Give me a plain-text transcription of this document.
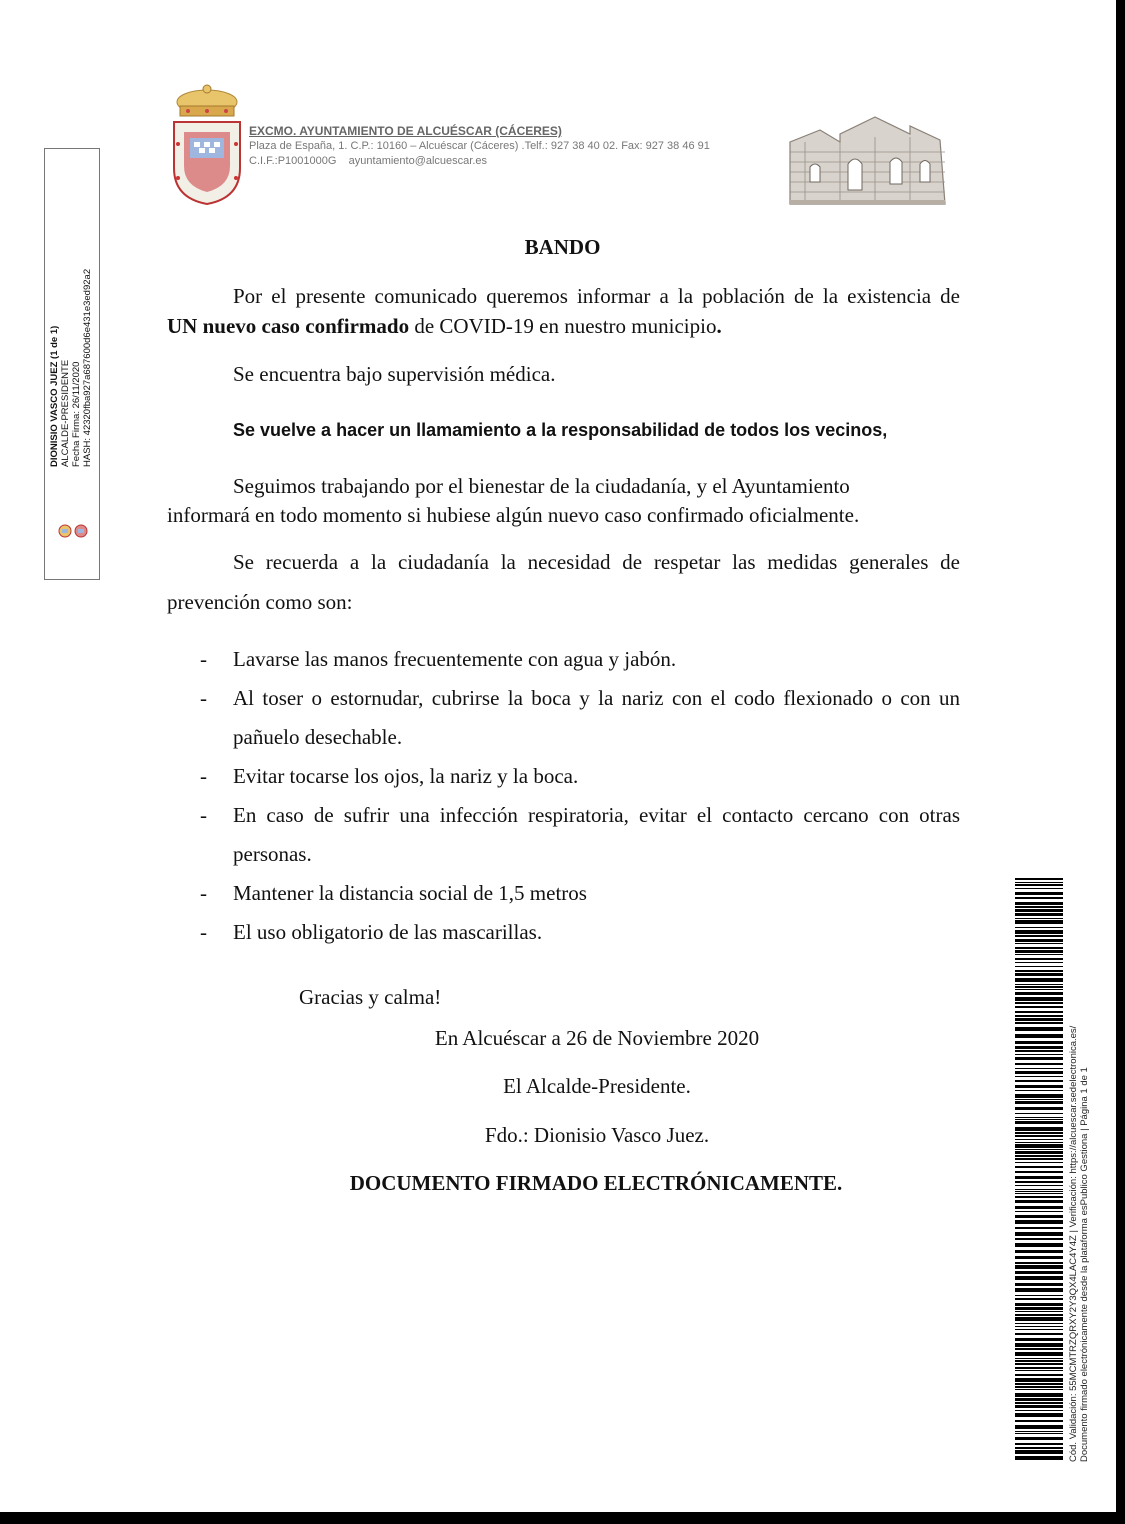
EXCMO. AYUNTAMIENTO DE ALCUÉSCAR (CÁCERES)
Plaza de España, 1. C.P.: 10160 – Alcuéscar (Cáceres) .Telf.: 927 38 40 02. Fax: 927 38 46 91
C.I.F.:P1001000G    ayuntamiento@alcuescar.es
DIONISIO VASCO JUEZ (1 de 1) ALCALDE-PRESIDENTE Fecha Firma: 26/11/2020 HASH: 42320fba927a687600d6e431e3ed92a2
BANDO
Por el presente comunicado queremos informar a la población de la existencia de
UN nuevo caso confirmado de COVID-19 en nuestro municipio.
Se encuentra bajo supervisión médica.
Se vuelve a hacer un llamamiento a la responsabilidad de todos los vecinos,
Seguimos trabajando por el bienestar de la ciudadanía, y el Ayuntamiento
informará en todo momento si hubiese algún nuevo caso confirmado oficialmente.
Se recuerda a la ciudadanía la necesidad de respetar las medidas generales de
prevención como son:
- Lavarse las manos frecuentemente con agua y jabón.
- Al toser o estornudar, cubrirse la boca y la nariz con el codo flexionado o con un
pañuelo desechable.
- Evitar tocarse los ojos, la nariz y la boca.
- En caso de sufrir una infección respiratoria, evitar el contacto cercano con otras
personas.
- Mantener la distancia social de 1,5 metros
- El uso obligatorio de las mascarillas.
Gracias y calma!
En Alcuéscar a 26 de Noviembre 2020
El Alcalde-Presidente.
Fdo.: Dionisio Vasco Juez.
DOCUMENTO FIRMADO ELECTRÓNICAMENTE.	Cód. Validación: 55MCMTRZQRXY2Y3QX4LAC4Y4Z | Verificación: https://alcuescar.sedelectronica.es/ Documento firmado electrónicamente desde la plataforma esPublico Gestiona | Página 1 de 1
